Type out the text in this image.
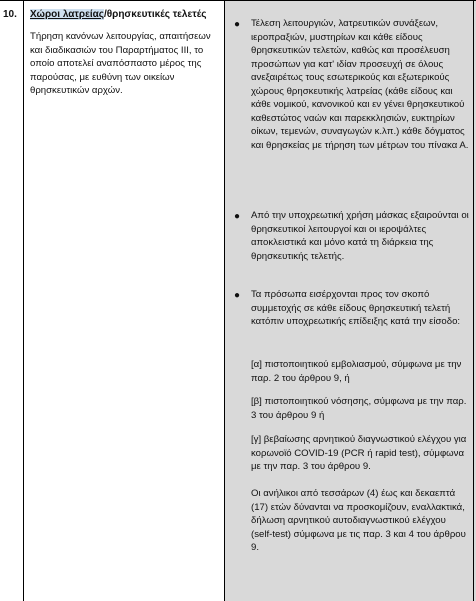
10. Χώροι λατρείας/θρησκευτικές τελετές
Τήρηση κανόνων λειτουργίας, απαιτήσεων και διαδικασιών του Παραρτήματος ΙΙΙ, το οποίο αποτελεί αναπόσπαστο μέρος της παρούσας, με ευθύνη των οικείων θρησκευτικών αρχών.
● Τέλεση λειτουργιών, λατρευτικών συνάξεων, ιεροπραξιών, μυστηρίων και κάθε είδους θρησκευτικών τελετών, καθώς και προσέλευση προσώπων για κατ' ιδίαν προσευχή σε όλους ανεξαιρέτως τους εσωτερικούς και εξωτερικούς χώρους θρησκευτικής λατρείας (κάθε είδους και κάθε νομικού, κανονικού και εν γένει θρησκευτικού καθεστώτος ναών και παρεκκλησιών, ευκτηρίων οίκων, τεμενών, συναγωγών κ.λπ.) κάθε δόγματος και θρησκείας με τήρηση των μέτρων του πίνακα Α.
● Από την υποχρεωτική χρήση μάσκας εξαιρούνται οι θρησκευτικοί λειτουργοί και οι ιεροψάλτες αποκλειστικά και μόνο κατά τη διάρκεια της θρησκευτικής τελετής.
● Τα πρόσωπα εισέρχονται προς τον σκοπό συμμετοχής σε κάθε είδους θρησκευτική τελετή κατόπιν υποχρεωτικής επίδειξης κατά την είσοδο:
[α] πιστοποιητικού εμβολιασμού, σύμφωνα με την παρ. 2 του άρθρου 9, ή
[β] πιστοποιητικού νόσησης, σύμφωνα με την παρ. 3 του άρθρου 9 ή
[γ] βεβαίωσης αρνητικού διαγνωστικού ελέγχου για κορωνοϊό COVID-19 (PCR ή rapid test), σύμφωνα με την παρ. 3 του άρθρου 9.
Οι ανήλικοι από τεσσάρων (4) έως και δεκαεπτά (17) ετών δύνανται να προσκομίζουν, εναλλακτικά, δήλωση αρνητικού αυτοδιαγνωστικού ελέγχου (self-test) σύμφωνα με τις παρ. 3 και 4 του άρθρου 9.
